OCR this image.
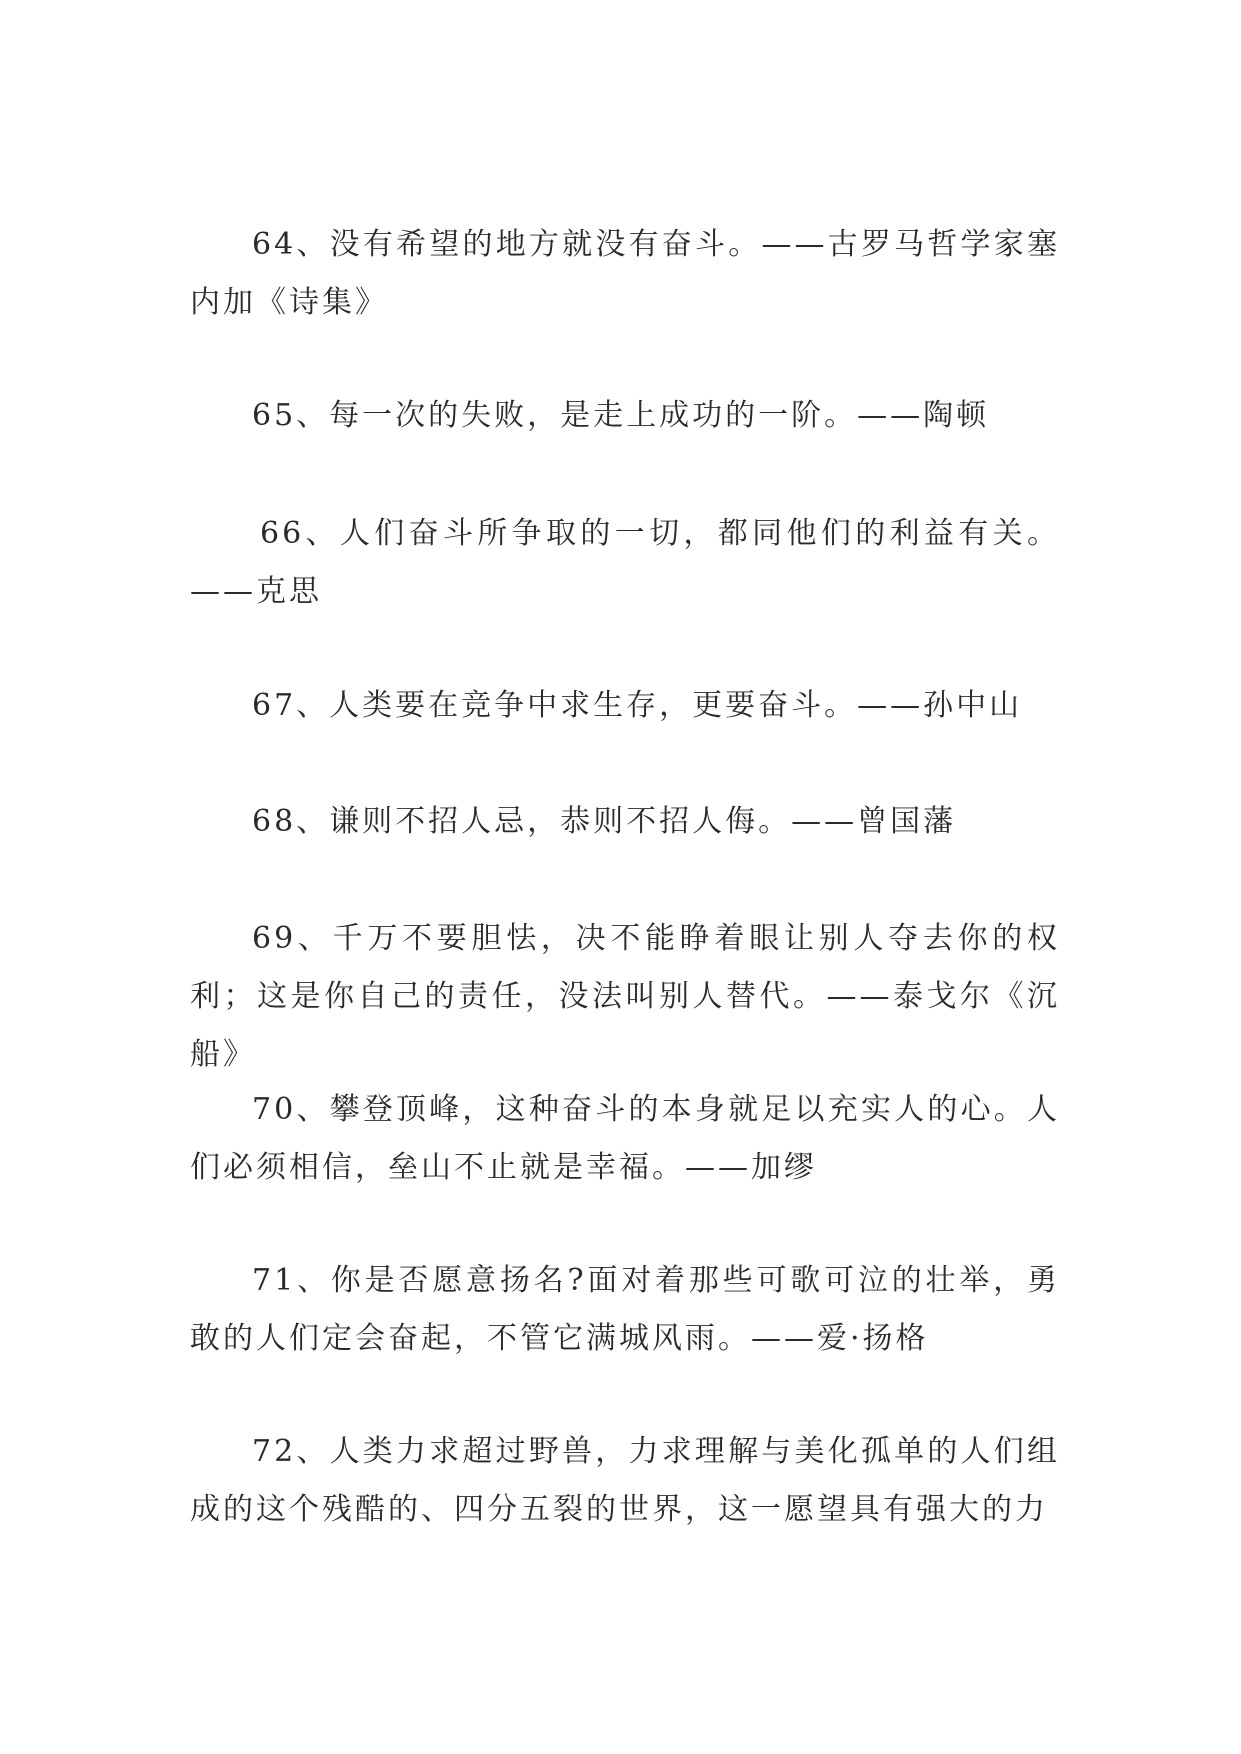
64、没有希望的地方就没有奋斗。——古罗马哲学家塞内加《诗集》

65、每一次的失败，是走上成功的一阶。——陶顿

66、人们奋斗所争取的一切，都同他们的利益有关。——克思

67、人类要在竞争中求生存，更要奋斗。——孙中山

68、谦则不招人忌，恭则不招人侮。——曾国藩

69、千万不要胆怯，决不能睁着眼让别人夺去你的权利；这是你自己的责任，没法叫别人替代。——泰戈尔《沉船》

70、攀登顶峰，这种奋斗的本身就足以充实人的心。人们必须相信，垒山不止就是幸福。——加缪

71、你是否愿意扬名?面对着那些可歌可泣的壮举，勇敢的人们定会奋起，不管它满城风雨。——爱·扬格

72、人类力求超过野兽，力求理解与美化孤单的人们组成的这个残酷的、四分五裂的世界，这一愿望具有强大的力
